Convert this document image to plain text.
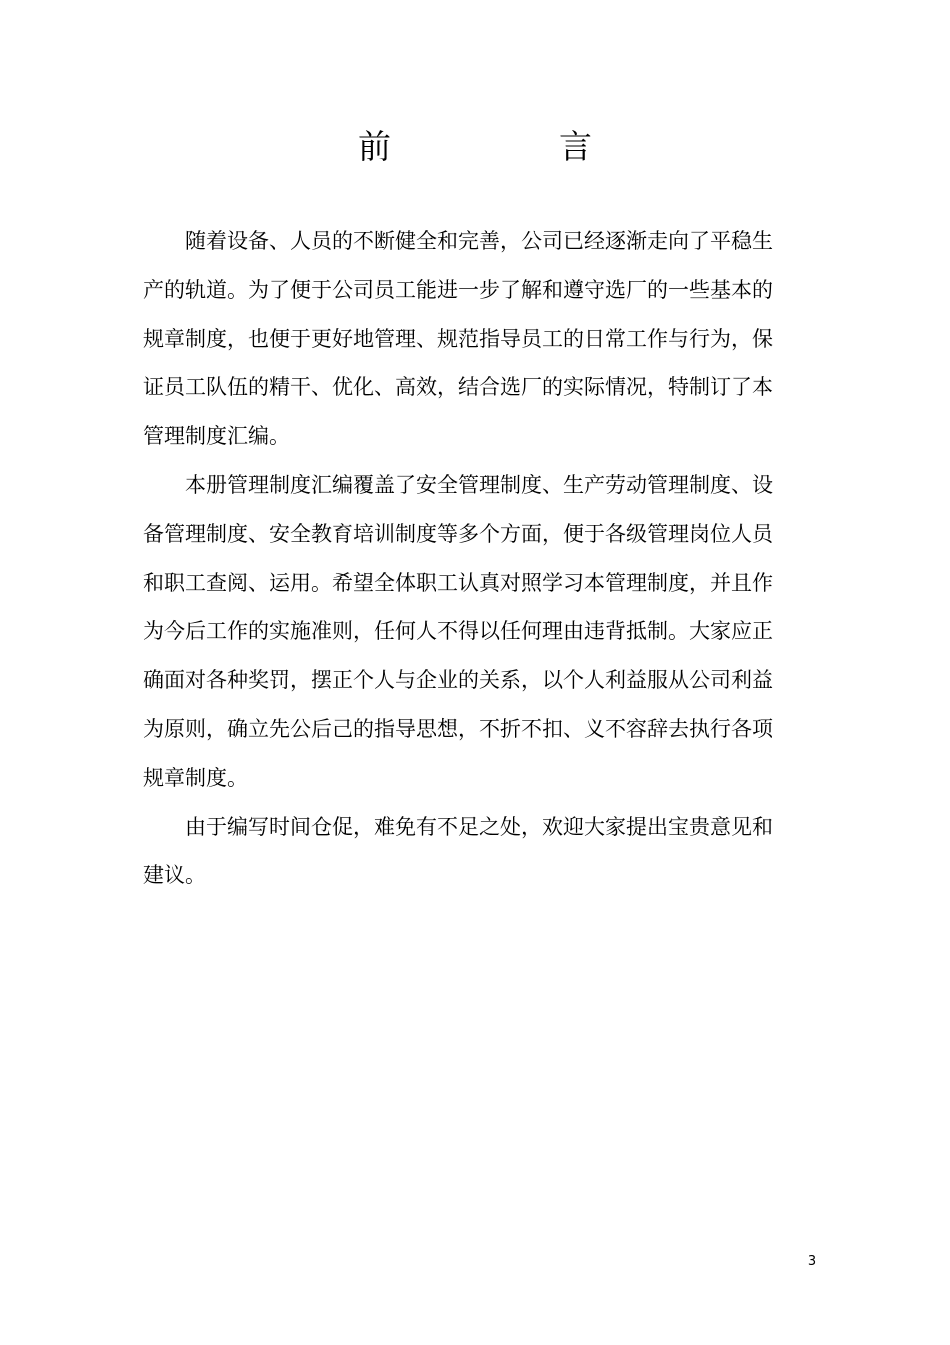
前	言

随着设备、人员的不断健全和完善，公司已经逐渐走向了平稳生产的轨道。为了便于公司员工能进一步了解和遵守选厂的一些基本的规章制度，也便于更好地管理、规范指导员工的日常工作与行为，保证员工队伍的精干、优化、高效，结合选厂的实际情况，特制订了本管理制度汇编。

本册管理制度汇编覆盖了安全管理制度、生产劳动管理制度、设备管理制度、安全教育培训制度等多个方面，便于各级管理岗位人员和职工查阅、运用。希望全体职工认真对照学习本管理制度，并且作为今后工作的实施准则，任何人不得以任何理由违背抵制。大家应正确面对各种奖罚，摆正个人与企业的关系，以个人利益服从公司利益为原则，确立先公后己的指导思想，不折不扣、义不容辞去执行各项规章制度。

由于编写时间仓促，难免有不足之处，欢迎大家提出宝贵意见和建议。

3
